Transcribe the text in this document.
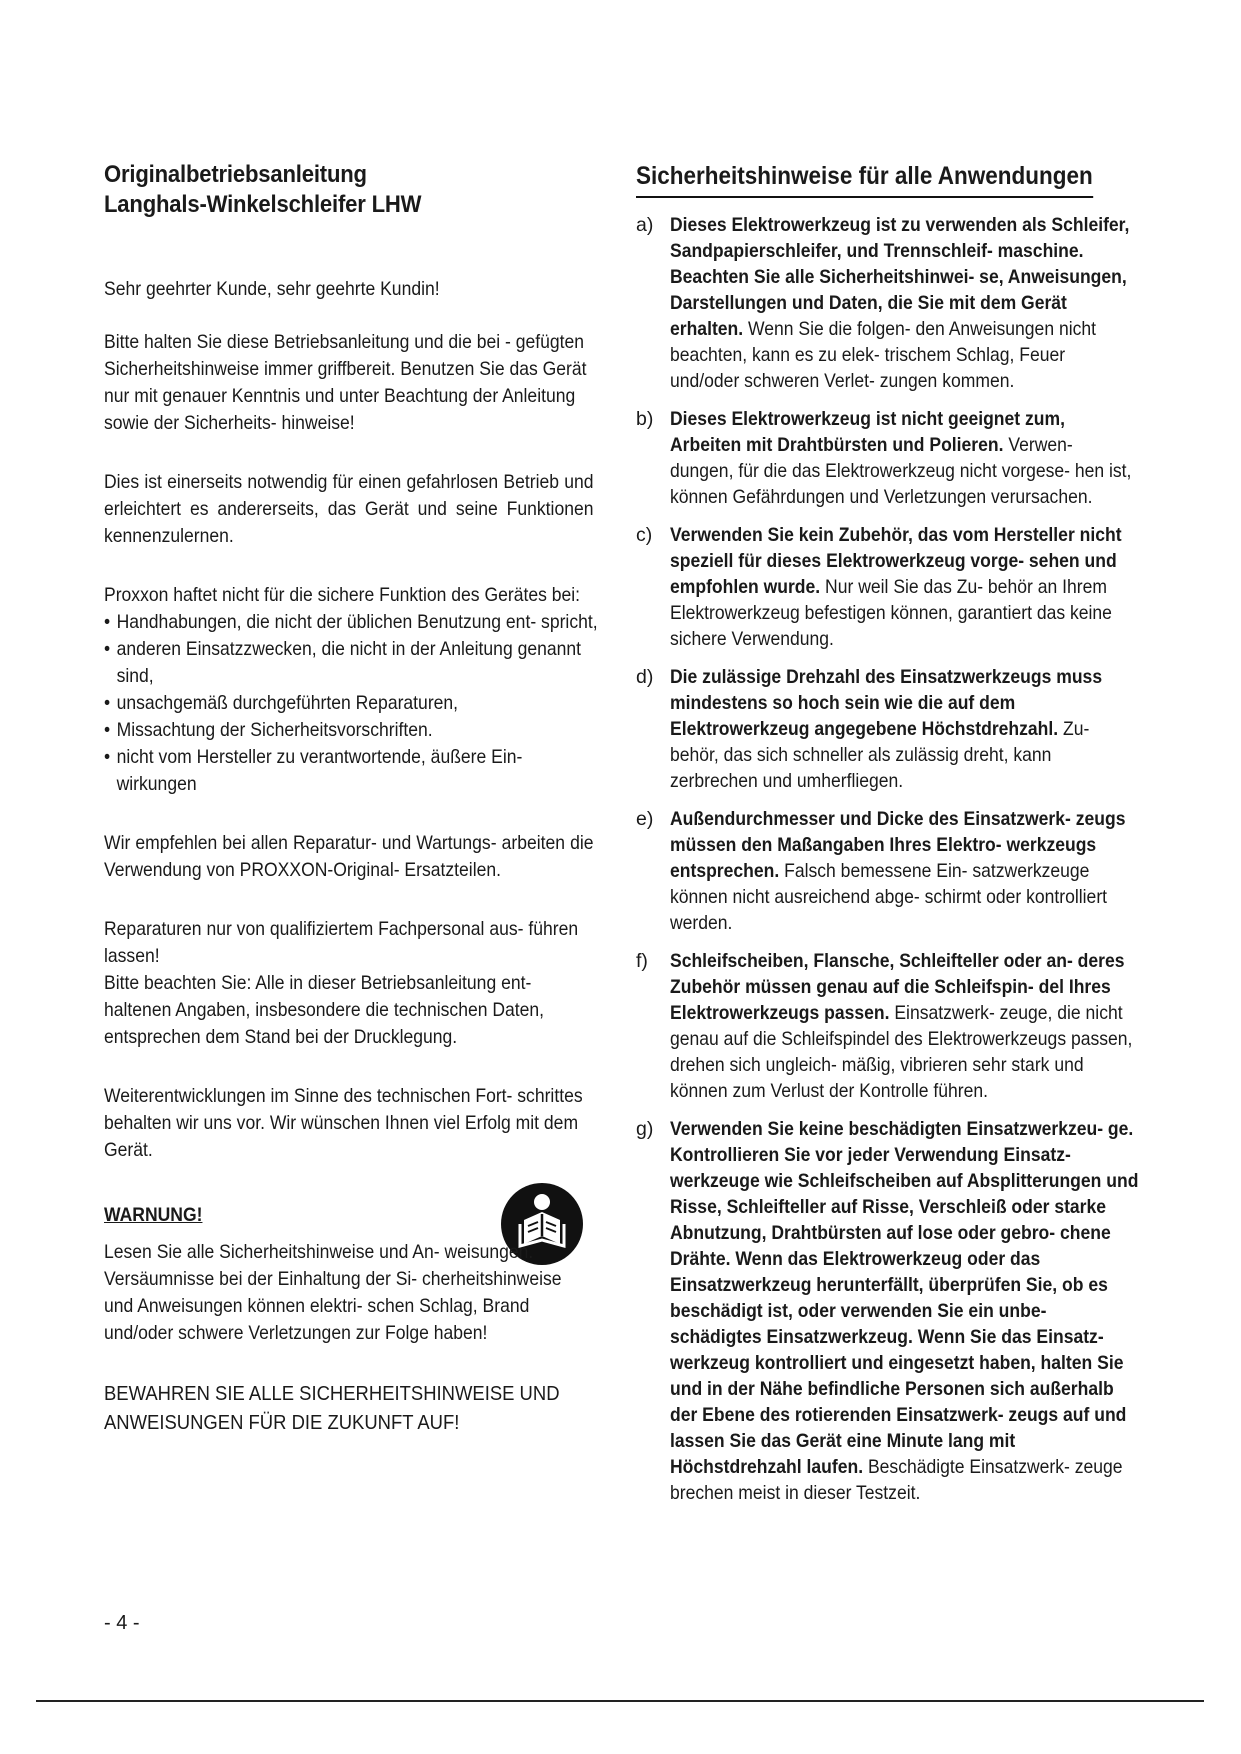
Originalbetriebsanleitung
Langhals-Winkelschleifer LHW

Sehr geehrter Kunde, sehr geehrte Kundin!

Bitte halten Sie diese Betriebsanleitung und die bei - gefügten Sicherheitshinweise immer griffbereit. Benutzen Sie das Gerät nur mit genauer Kenntnis und unter Beachtung der Anleitung sowie der Sicherheits- hinweise!

Dies ist einerseits notwendig für einen gefahrlosen Betrieb und erleichtert es andererseits, das Gerät und seine Funktionen kennenzulernen.

Proxxon haftet nicht für die sichere Funktion des Gerätes bei:

• Handhabungen, die nicht der üblichen Benutzung ent- spricht,
• anderen Einsatzzwecken, die nicht in der Anleitung genannt sind,
• unsachgemäß durchgeführten Reparaturen,
• Missachtung der Sicherheitsvorschriften.
• nicht vom Hersteller zu verantwortende, äußere Ein- wirkungen

Wir empfehlen bei allen Reparatur- und Wartungs- arbeiten die Verwendung von PROXXON-Original- Ersatzteilen.

Reparaturen nur von qualifiziertem Fachpersonal aus- führen lassen!

Bitte beachten Sie: Alle in dieser Betriebsanleitung ent- haltenen Angaben, insbesondere die technischen Daten, entsprechen dem Stand bei der Drucklegung.

Weiterentwicklungen im Sinne des technischen Fort- schrittes behalten wir uns vor. Wir wünschen Ihnen viel Erfolg mit dem Gerät.

WARNUNG!

Lesen Sie alle Sicherheitshinweise und An- weisungen. Versäumnisse bei der Einhaltung der Si- cherheitshinweise und Anweisungen können elektri- schen Schlag, Brand und/oder schwere Verletzungen zur Folge haben!

BEWAHREN SIE ALLE SICHERHEITSHINWEISE UND ANWEISUNGEN FÜR DIE ZUKUNFT AUF!

- 4 -
Sicherheitshinweise für alle Anwendungen
a) Dieses Elektrowerkzeug ist zu verwenden als Schleifer, Sandpapierschleifer, und Trennschleif- maschine. Beachten Sie alle Sicherheitshinwei- se, Anweisungen, Darstellungen und Daten, die Sie mit dem Gerät erhalten. Wenn Sie die folgen- den Anweisungen nicht beachten, kann es zu elek- trischem Schlag, Feuer und/oder schweren Verlet- zungen kommen.
b) Dieses Elektrowerkzeug ist nicht geeignet zum, Arbeiten mit Drahtbürsten und Polieren. Verwen- dungen, für die das Elektrowerkzeug nicht vorgese- hen ist, können Gefährdungen und Verletzungen verursachen.
c) Verwenden Sie kein Zubehör, das vom Hersteller nicht speziell für dieses Elektrowerkzeug vorge- sehen und empfohlen wurde. Nur weil Sie das Zu- behör an Ihrem Elektrowerkzeug befestigen können, garantiert das keine sichere Verwendung.
d) Die zulässige Drehzahl des Einsatzwerkzeugs muss mindestens so hoch sein wie die auf dem Elektrowerkzeug angegebene Höchstdrehzahl. Zu- behör, das sich schneller als zulässig dreht, kann zerbrechen und umherfliegen.
e) Außendurchmesser und Dicke des Einsatzwerk- zeugs müssen den Maßangaben Ihres Elektro- werkzeugs entsprechen. Falsch bemessene Ein- satzwerkzeuge können nicht ausreichend abge- schirmt oder kontrolliert werden.
f)	Schleifscheiben, Flansche, Schleifteller oder an- deres Zubehör müssen genau auf die Schleifspin- del Ihres Elektrowerkzeugs passen. Einsatzwerk- zeuge, die nicht genau auf die Schleifspindel des Elektrowerkzeugs passen, drehen sich ungleich- mäßig, vibrieren sehr stark und können zum Verlust der Kontrolle führen.
g) Verwenden Sie keine beschädigten Einsatzwerkzeu- ge. Kontrollieren Sie vor jeder Verwendung Einsatz- werkzeuge wie Schleifscheiben auf Absplitterungen und Risse, Schleifteller auf Risse, Verschleiß oder starke Abnutzung, Drahtbürsten auf lose oder gebro- chene Drähte. Wenn das Elektrowerkzeug oder das Einsatzwerkzeug herunterfällt, überprüfen Sie, ob es beschädigt ist, oder verwenden Sie ein unbe- schädigtes Einsatzwerkzeug. Wenn Sie das Einsatz- werkzeug kontrolliert und eingesetzt haben, halten Sie und in der Nähe befindliche Personen sich außerhalb der Ebene des rotierenden Einsatzwerk- zeugs auf und lassen Sie das Gerät eine Minute lang mit Höchstdrehzahl laufen. Beschädigte Einsatzwerk- zeuge brechen meist in dieser Testzeit.
